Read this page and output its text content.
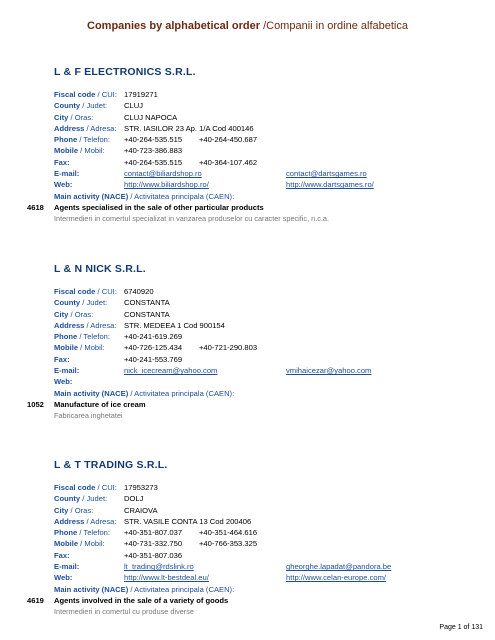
Companies by alphabetical order /Companii in ordine alfabetica
L & F ELECTRONICS S.R.L.
Fiscal code / CUI: 17919271
County / Judet: CLUJ
City / Oras:	CLUJ NAPOCA
Address / Adresa: STR. IASILOR 23 Ap. 1/A Cod 400146
Phone / Telefon: +40-264-535.515 +40-264-450.687
Mobile / Mobil:	+40-723-386.883
Fax:	+40-264-535.515 +40-364-107.462
E-mail:	contact@biliardshop.ro	contact@dartsgames.ro
Web:	http://www.biliardshop.ro/	http://www.dartsgames.ro/
Main activity (NACE) / Activitatea principala (CAEN):
4618 Agents specialised in the sale of other particular products
Intermedieri in comertul specializat in vanzarea produselor cu caracter specific, n.c.a.
L & N NICK S.R.L.
Fiscal code / CUI: 6740920
County / Judet: CONSTANTA
City / Oras:	CONSTANTA
Address / Adresa: STR. MEDEEA 1 Cod 900154
Phone / Telefon: +40-241-619.269
Mobile / Mobil:	+40-726-125.434 +40-721-290.803
Fax:	+40-241-553.769
E-mail:	nick_icecream@yahoo.com	vmihaicezar@yahoo.com
Web:
Main activity (NACE) / Activitatea principala (CAEN):
1052 Manufacture of ice cream
Fabricarea inghetatei
L & T TRADING S.R.L.
Fiscal code / CUI: 17953273
County / Judet: DOLJ
City / Oras:	CRAIOVA
Address / Adresa: STR. VASILE CONTA 13 Cod 200406
Phone / Telefon: +40-351-807.037 +40-351-464.616
Mobile / Mobil:	+40-731-332.750 +40-766-353.325
Fax:	+40-351-807.036
E-mail:	lt_trading@rdslink.ro	gheorghe.lapadat@pandora.be
Web:	http://www.lt-bestdeal.eu/	http://www.celan-europe.com/
Main activity (NACE) / Activitatea principala (CAEN):
4619 Agents involved in the sale of a variety of goods
Intermedieri in comertul cu produse diverse
Page 1 of 131
